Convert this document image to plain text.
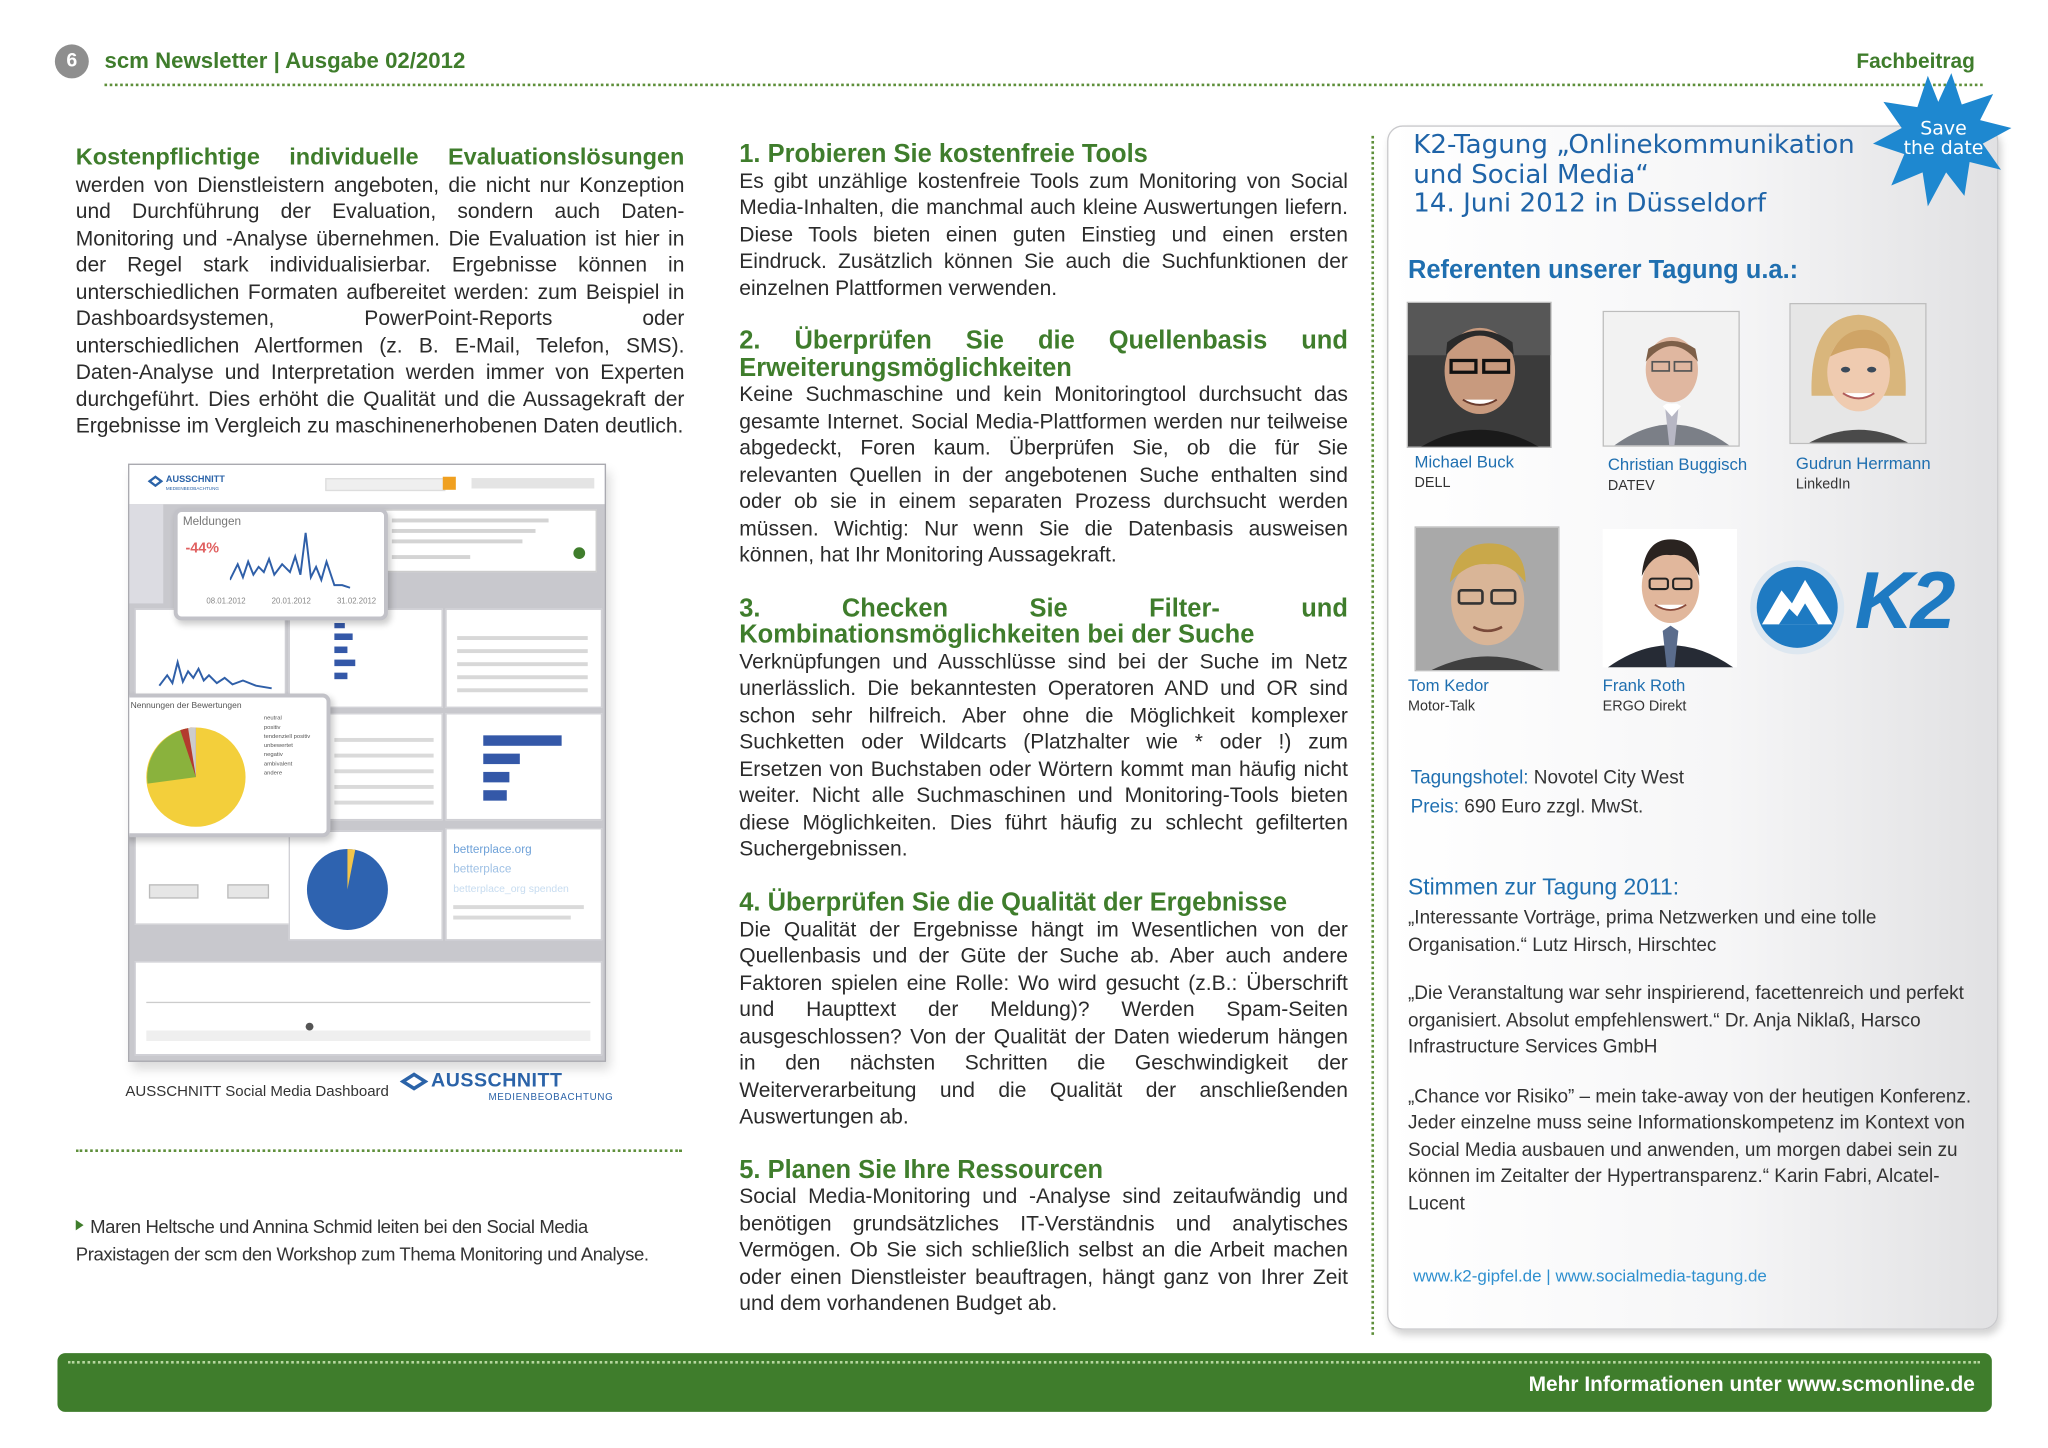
6	scm Newsletter | Ausgabe 02/2012	Fachbeitrag

Kostenpflichtige individuelle Evaluationslösungen werden von Dienstleistern angeboten, die nicht nur Konzeption und Durchführung der Evaluation, sondern auch Daten-Monitoring und -Analyse übernehmen. Die Evaluation ist hier in der Regel stark individualisierbar. Ergebnisse können in unterschiedlichen Formaten aufbereitet werden: zum Beispiel in Dashboardsystemen, PowerPoint-Reports oder unterschiedlichen Alertformen (z. B. E-Mail, Telefon, SMS). Daten-Analyse und Interpretation werden immer von Experten durchgeführt. Dies erhöht die Qualität und die Aussagekraft der Ergebnisse im Vergleich zu maschinenerhobenen Daten deutlich.

AUSSCHNITT
MEDIENBEOBACHTUNG
betterplace.org
betterplace
betterplace_org spenden
Meldungen
-44%
08.01.2012	20.01.2012	31.02.2012
Nennungen der Bewertungen
neutral
positiv
tendenziell positiv
unbewertet
negativ
ambivalent
andere
AUSSCHNITT Social Media Dashboard	AUSSCHNITT
MEDIENBEOBACHTUNG
Maren Heltsche und Annina Schmid leiten bei den Social Media Praxistagen der scm den Workshop zum Thema Monitoring und Analyse.
1. Probieren Sie kostenfreie Tools

Es gibt unzählige kostenfreie Tools zum Monitoring von Social Media-Inhalten, die manchmal auch kleine Auswertungen liefern. Diese Tools bieten einen guten Einstieg und einen ersten Eindruck. Zusätzlich können Sie auch die Suchfunktionen der einzelnen Plattformen verwenden.

2. Überprüfen Sie die Quellenbasis und Erweiterungsmöglichkeiten

Keine Suchmaschine und kein Monitoringtool durchsucht das gesamte Internet. Social Media-Plattformen werden nur teilweise abgedeckt, Foren kaum. Überprüfen Sie, ob die für Sie relevanten Quellen in der angebotenen Suche enthalten sind oder ob sie in einem separaten Prozess durchsucht werden müssen. Wichtig: Nur wenn Sie die Datenbasis ausweisen können, hat Ihr Monitoring Aussagekraft.

3. Checken Sie Filter- und Kombinationsmöglichkeiten bei der Suche

Verknüpfungen und Ausschlüsse sind bei der Suche im Netz unerlässlich. Die bekanntesten Operatoren AND und OR sind schon sehr hilfreich. Aber ohne die Möglichkeit komplexer Suchketten oder Wildcarts (Platzhalter wie * oder !) zum Ersetzen von Buchstaben oder Wörtern kommt man häufig nicht weiter. Nicht alle Suchmaschinen und Monitoring-Tools bieten diese Möglichkeiten. Dies führt häufig zu schlecht gefilterten Suchergebnissen.

4. Überprüfen Sie die Qualität der Ergebnisse

Die Qualität der Ergebnisse hängt im Wesentlichen von der Quellenbasis und der Güte der Suche ab. Aber auch andere Faktoren spielen eine Rolle: Wo wird gesucht (z.B.: Überschrift und Haupttext der Meldung)? Werden Spam-Seiten ausgeschlossen? Von der Qualität der Daten wiederum hängen in den nächsten Schritten die Geschwindigkeit der Weiterverarbeitung und die Qualität der anschließenden Auswertungen ab.

5. Planen Sie Ihre Ressourcen

Social Media-Monitoring und -Analyse sind zeitaufwändig und benötigen grundsätzliches IT-Verständnis und analytisches Vermögen. Ob Sie sich schließlich selbst an die Arbeit machen oder einen Dienstleister beauftragen, hängt ganz von Ihrer Zeit und dem vorhandenen Budget ab.

K2-Tagung „Onlinekommunikation
und Social Media“
14. Juni 2012 in Düsseldorf
Save
the date
Referenten unserer Tagung u.a.:
K2
Michael Buck
DELL
Christian Buggisch
DATEV
Gudrun Herrmann
LinkedIn
Tom Kedor
Motor-Talk
Frank Roth
ERGO Direkt
Tagungshotel: Novotel City West
Preis: 690 Euro zzgl. MwSt.
Stimmen zur Tagung 2011:

„Interessante Vorträge, prima Netzwerken und eine tolle Organisation.“ Lutz Hirsch, Hirschtec

„Die Veranstaltung war sehr inspirierend, facettenreich und perfekt organisiert. Absolut empfehlenswert.“ Dr. Anja Niklaß, Harsco Infrastructure Services GmbH

„Chance vor Risiko” – mein take-away von der heutigen Konferenz. Jeder einzelne muss seine Informationskompetenz im Kontext von Social Media ausbauen und anwenden, um morgen dabei sein zu können im Zeitalter der Hypertransparenz.“ Karin Fabri, Alcatel-Lucent

www.k2-gipfel.de | www.socialmedia-tagung.de
Mehr Informationen unter www.scmonline.de
